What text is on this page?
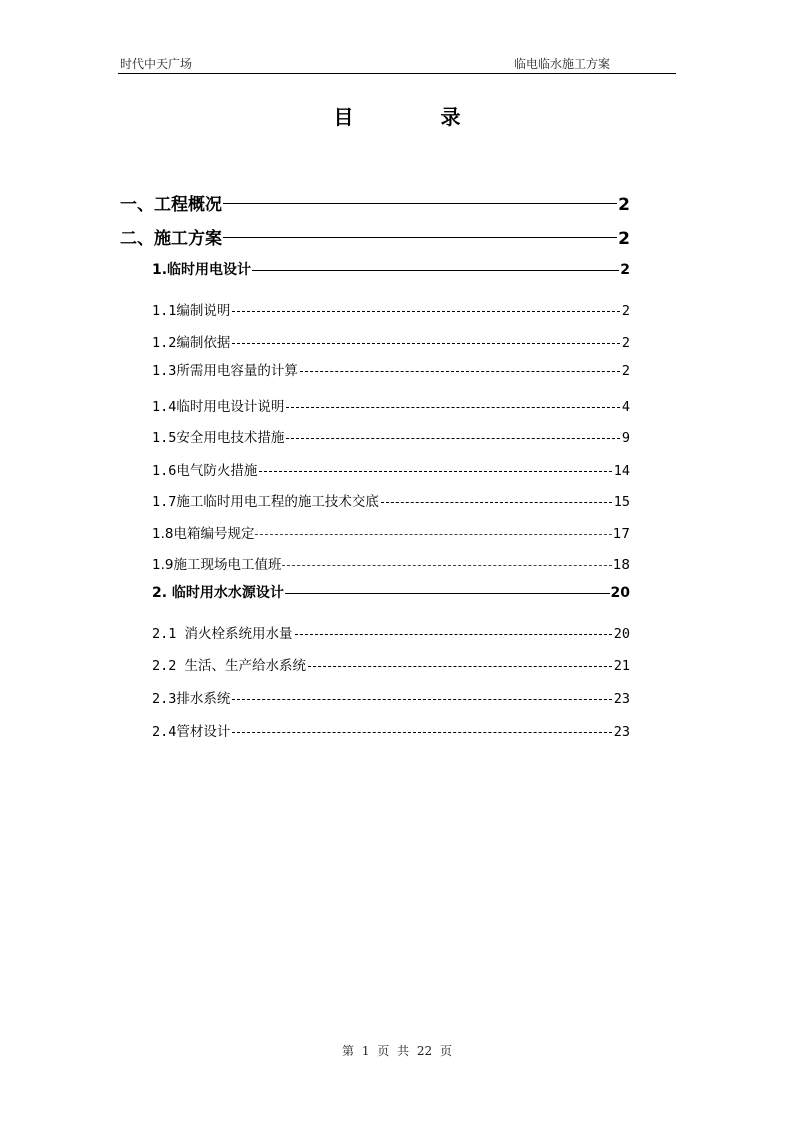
时代中天广场	临电临水施工方案
目 录
一、工程概况	2
二、施工方案	2
1.临时用电设计	2
1.1编制说明	2
1.2编制依据	2
1.3所需用电容量的计算	2
1.4临时用电设计说明	4
1.5安全用电技术措施	9
1.6电气防火措施	14
1.7施工临时用电工程的施工技术交底	15
1.8电箱编号规定	17
1.9施工现场电工值班	18
2. 临时用水水源设计	20
2.1 消火栓系统用水量	20
2.2 生活、生产给水系统	21
2.3排水系统	23
2.4管材设计	23
第 1 页 共 22 页
